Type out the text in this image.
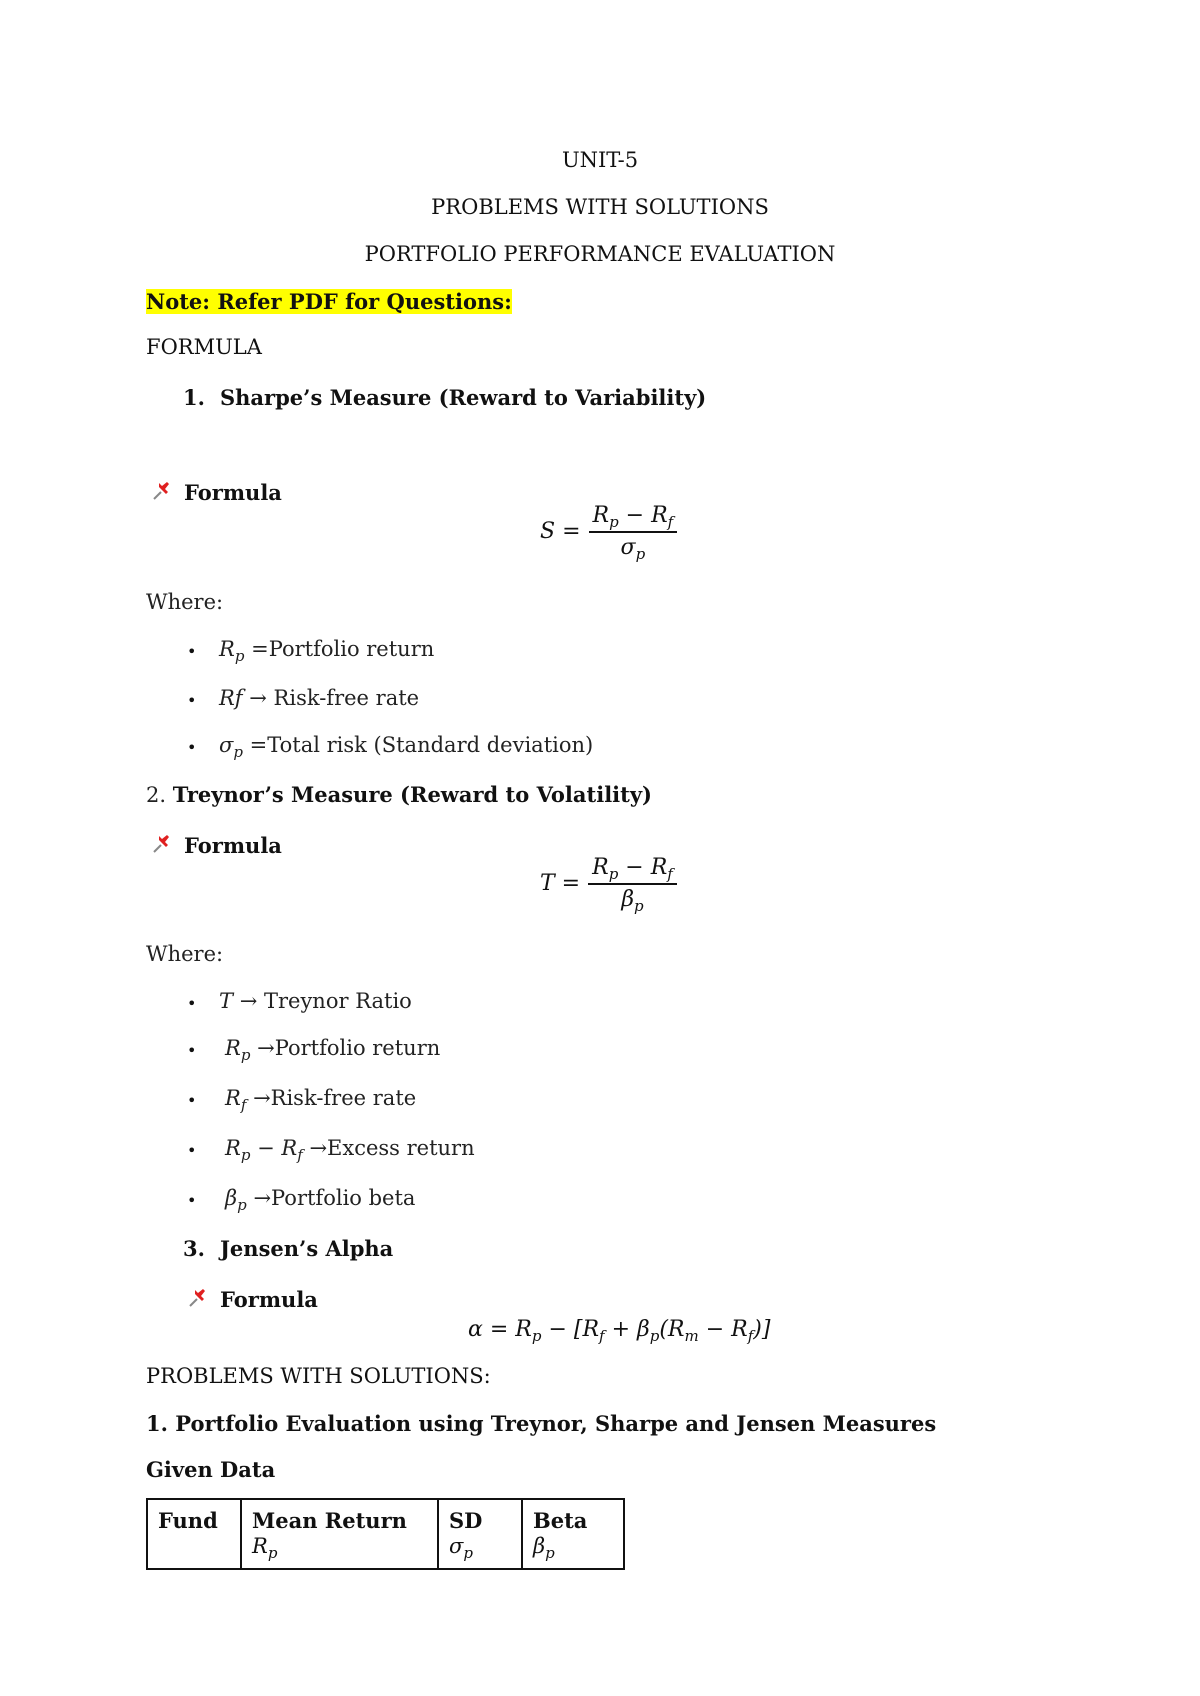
UNIT-5
PROBLEMS WITH SOLUTIONS
PORTFOLIO PERFORMANCE EVALUATION
Note: Refer PDF for Questions:
FORMULA
1. Sharpe’s Measure (Reward to Variability)
Formula
$S = \frac{R_p - R_f}{\sigma_p}$
Where:
• $R_p$ =Portfolio return
• Rf → Risk-free rate
• $\sigma_p$ =Total risk (Standard deviation)
2. Treynor’s Measure (Reward to Volatility)
Formula
$T = \frac{R_p - R_f}{\beta_p}$
Where:
• T → Treynor Ratio
• $R_p$ →Portfolio return
• $R_f$ →Risk-free rate
• $R_p - R_f$ →Excess return
• $\beta_p$ →Portfolio beta
3. Jensen’s Alpha
Formula
$\alpha = R_p - [R_f + \beta_p(R_m - R_f)]$
PROBLEMS WITH SOLUTIONS:
1. Portfolio Evaluation using Treynor, Sharpe and Jensen Measures
Given Data
Fund	Mean Return $R_p$	SD $\sigma_p$	Beta $\beta_p$
